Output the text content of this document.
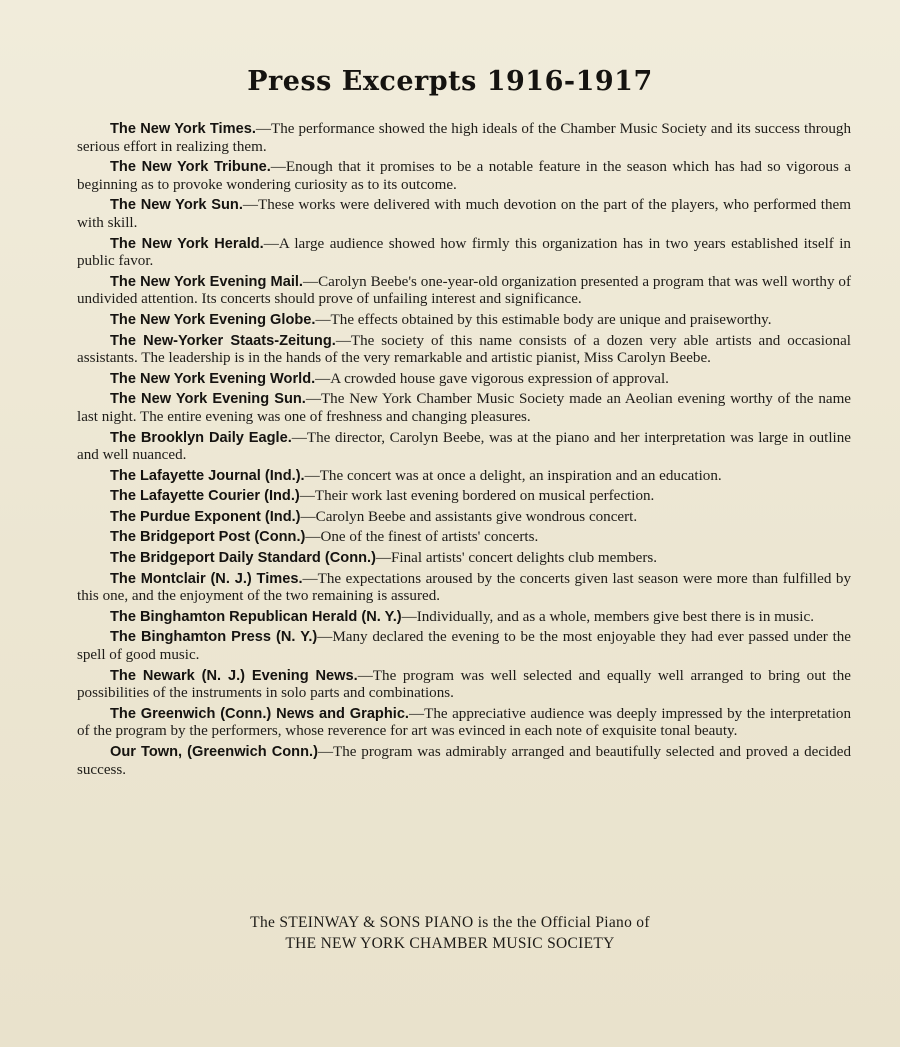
Press Excerpts 1916-1917

The New York Times.—The performance showed the high ideals of the Chamber Music Society and its success through serious effort in realizing them.

The New York Tribune.—Enough that it promises to be a notable feature in the season which has had so vigorous a beginning as to provoke wondering curiosity as to its outcome.

The New York Sun.—These works were delivered with much devotion on the part of the players, who performed them with skill.

The New York Herald.—A large audience showed how firmly this organization has in two years established itself in public favor.

The New York Evening Mail.—Carolyn Beebe's one-year-old organization presented a program that was well worthy of undivided attention. Its concerts should prove of unfailing interest and significance.

The New York Evening Globe.—The effects obtained by this estimable body are unique and praiseworthy.

The New-Yorker Staats-Zeitung.—The society of this name consists of a dozen very able artists and occasional assistants. The leadership is in the hands of the very remarkable and artistic pianist, Miss Carolyn Beebe.

The New York Evening World.—A crowded house gave vigorous expression of approval.

The New York Evening Sun.—The New York Chamber Music Society made an Aeolian evening worthy of the name last night. The entire evening was one of freshness and changing pleasures.

The Brooklyn Daily Eagle.—The director, Carolyn Beebe, was at the piano and her interpretation was large in outline and well nuanced.

The Lafayette Journal (Ind.).—The concert was at once a delight, an inspiration and an education.

The Lafayette Courier (Ind.)—Their work last evening bordered on musical perfection.

The Purdue Exponent (Ind.)—Carolyn Beebe and assistants give wondrous concert.

The Bridgeport Post (Conn.)—One of the finest of artists' concerts.

The Bridgeport Daily Standard (Conn.)—Final artists' concert delights club members.

The Montclair (N. J.) Times.—The expectations aroused by the concerts given last season were more than fulfilled by this one, and the enjoyment of the two remaining is assured.

The Binghamton Republican Herald (N. Y.)—Individually, and as a whole, members give best there is in music.

The Binghamton Press (N. Y.)—Many declared the evening to be the most enjoyable they had ever passed under the spell of good music.

The Newark (N. J.) Evening News.—The program was well selected and equally well arranged to bring out the possibilities of the instruments in solo parts and combinations.

The Greenwich (Conn.) News and Graphic.—The appreciative audience was deeply impressed by the interpretation of the program by the performers, whose reverence for art was evinced in each note of exquisite tonal beauty.

Our Town, (Greenwich Conn.)—The program was admirably arranged and beautifully selected and proved a decided success.

The STEINWAY & SONS PIANO is the the Official Piano of
THE NEW YORK CHAMBER MUSIC SOCIETY
